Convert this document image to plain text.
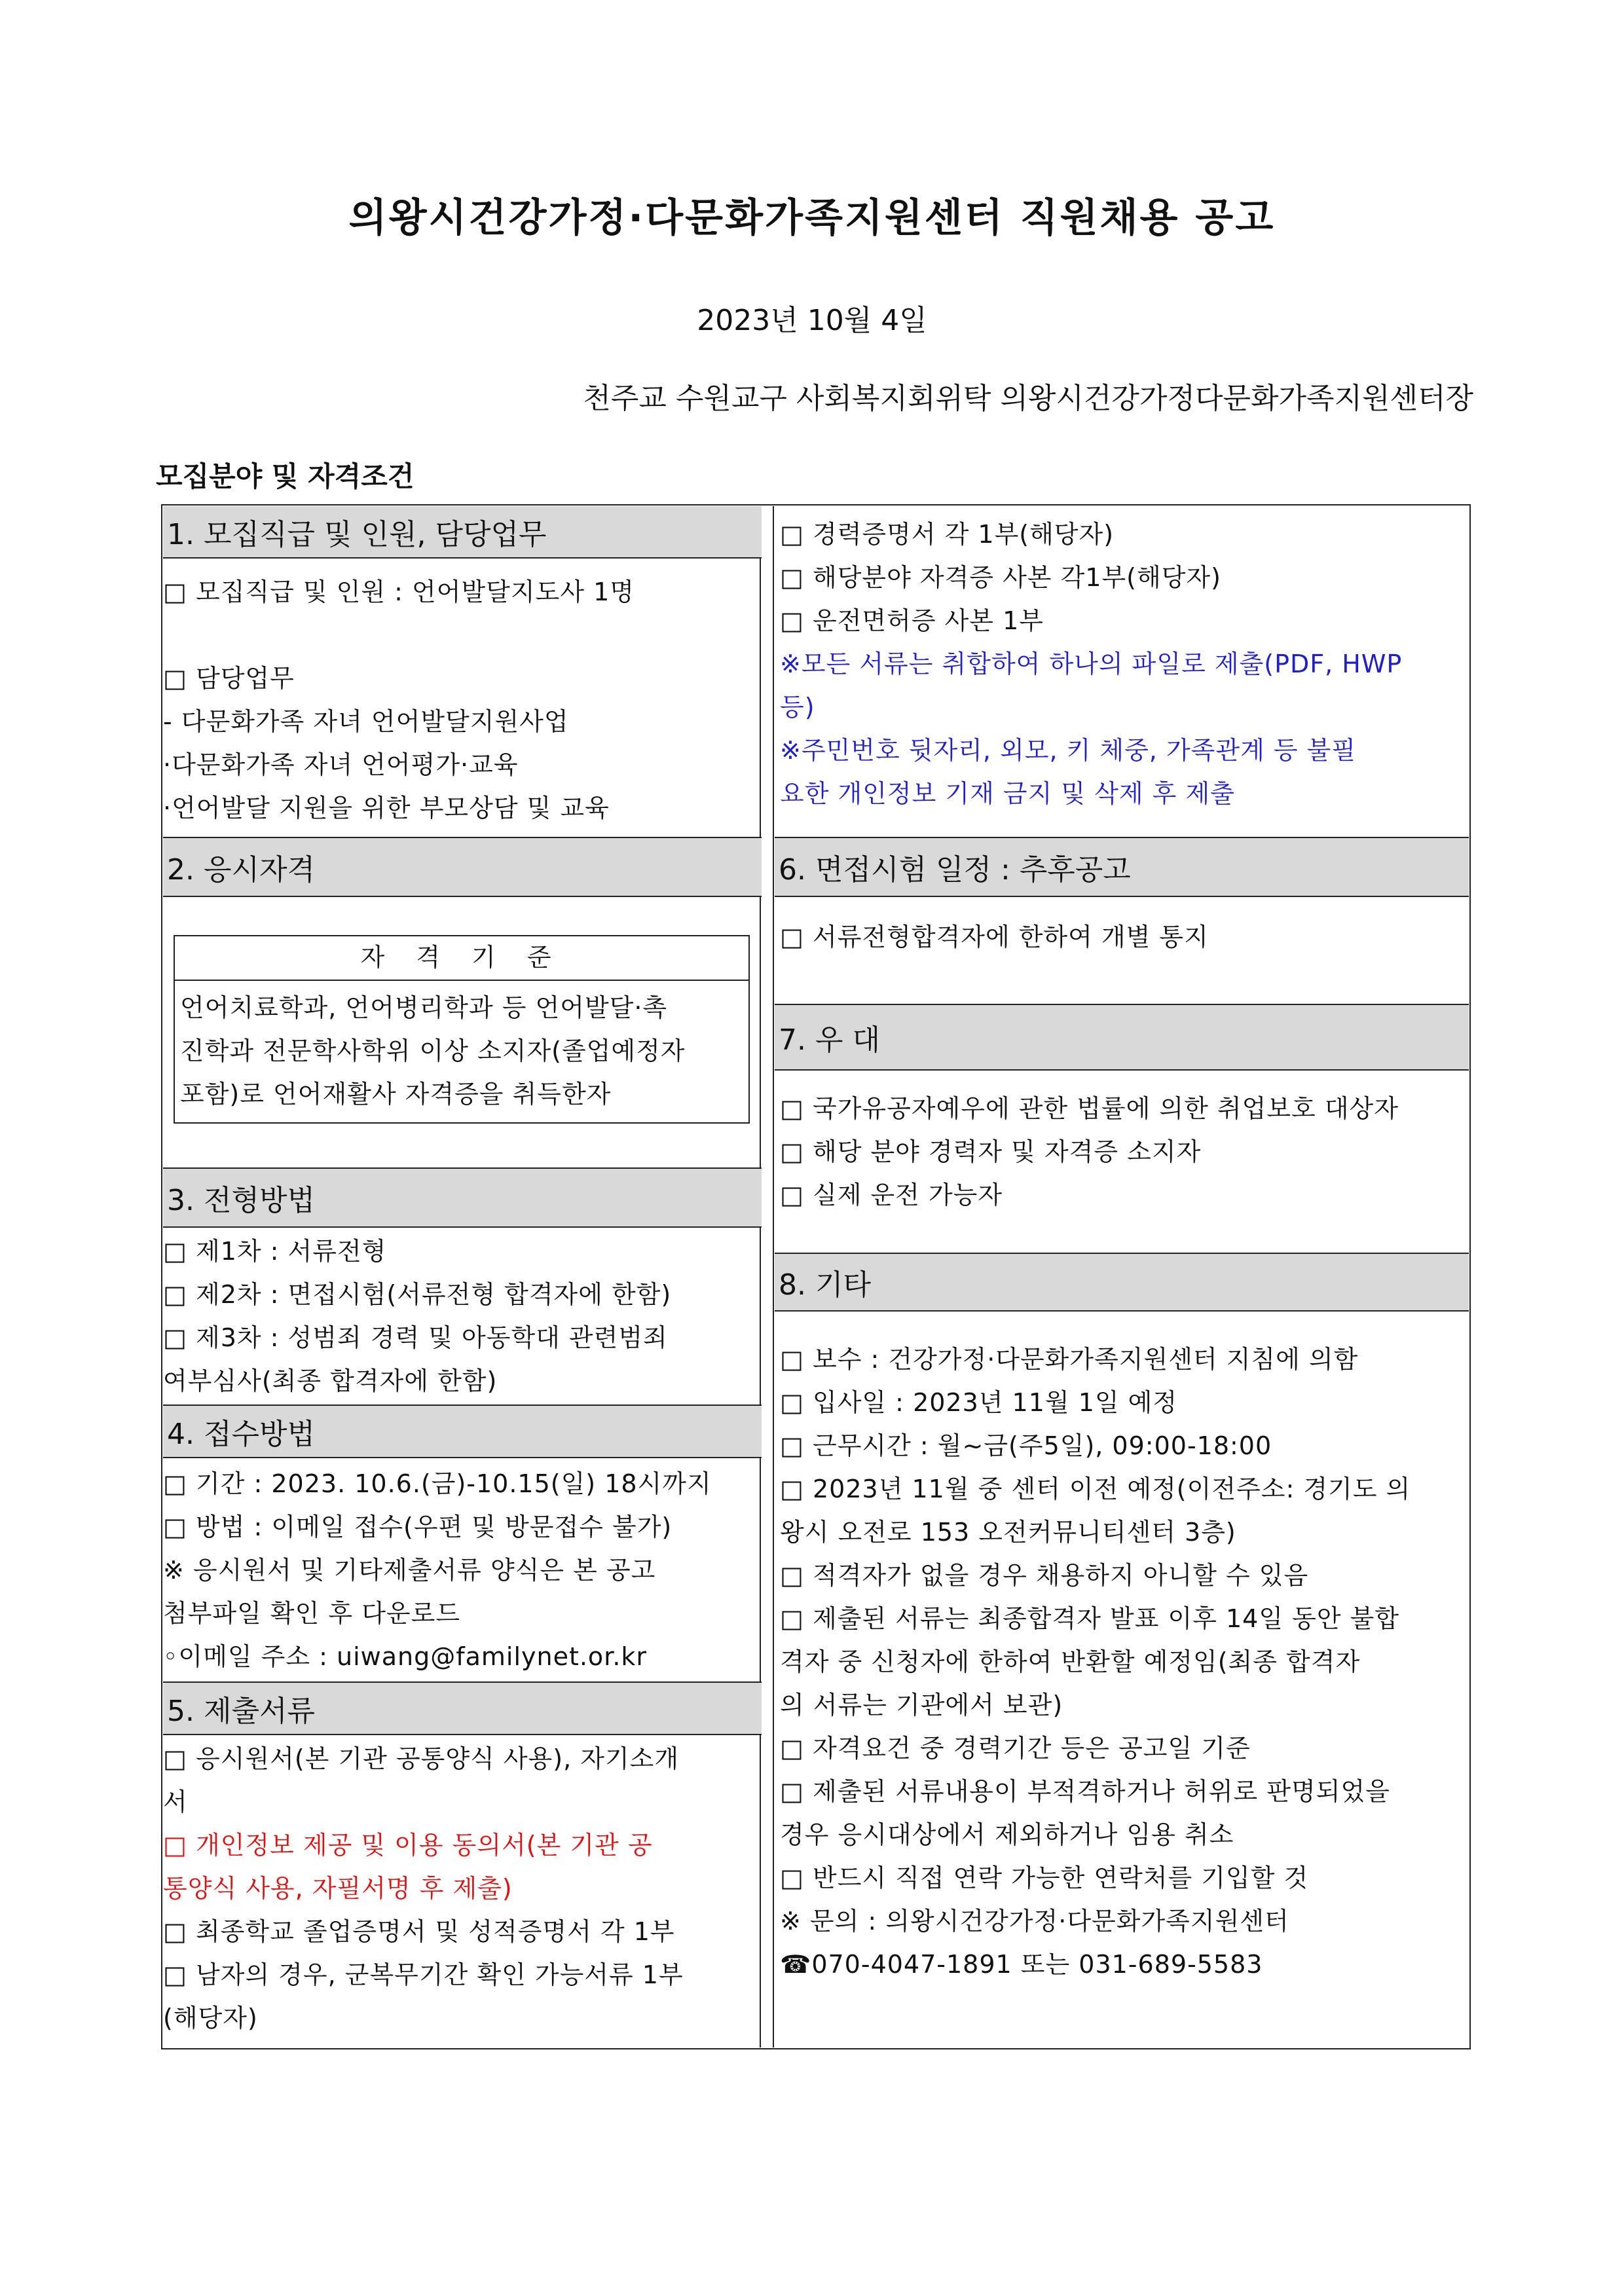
의왕시건강가정·다문화가족지원센터 직원채용 공고
2023년 10월 4일
천주교 수원교구 사회복지회위탁 의왕시건강가정다문화가족지원센터장
모집분야 및 자격조건
1. 모집직급 및 인원, 담당업무
□ 모집직급 및 인원 : 언어발달지도사 1명
□ 담당업무
- 다문화가족 자녀 언어발달지원사업
·다문화가족 자녀 언어평가·교육
·언어발달 지원을 위한 부모상담 및 교육
2. 응시자격
자 격 기 준
언어치료학과, 언어병리학과 등 언어발달·촉
진학과 전문학사학위 이상 소지자(졸업예정자
포함)로 언어재활사 자격증을 취득한자
3. 전형방법
□ 제1차 : 서류전형
□ 제2차 : 면접시험(서류전형 합격자에 한함)
□ 제3차 : 성범죄 경력 및 아동학대 관련범죄
여부심사(최종 합격자에 한함)
4. 접수방법
□ 기간 : 2023. 10.6.(금)-10.15(일) 18시까지
□ 방법 : 이메일 접수(우편 및 방문접수 불가)
※ 응시원서 및 기타제출서류 양식은 본 공고
첨부파일 확인 후 다운로드
◦이메일 주소 : uiwang@familynet.or.kr
5. 제출서류
□ 응시원서(본 기관 공통양식 사용), 자기소개
서
□ 개인정보 제공 및 이용 동의서(본 기관 공
통양식 사용, 자필서명 후 제출)
□ 최종학교 졸업증명서 및 성적증명서 각 1부
□ 남자의 경우, 군복무기간 확인 가능서류 1부
(해당자)
□ 경력증명서 각 1부(해당자)
□ 해당분야 자격증 사본 각1부(해당자)
□ 운전면허증 사본 1부
※모든 서류는 취합하여 하나의 파일로 제출(PDF, HWP
등)
※주민번호 뒷자리, 외모, 키 체중, 가족관계 등 불필
요한 개인정보 기재 금지 및 삭제 후 제출
6. 면접시험 일정 : 추후공고
□ 서류전형합격자에 한하여 개별 통지
7. 우 대
□ 국가유공자예우에 관한 법률에 의한 취업보호 대상자
□ 해당 분야 경력자 및 자격증 소지자
□ 실제 운전 가능자
8. 기타
□ 보수 : 건강가정·다문화가족지원센터 지침에 의함
□ 입사일 : 2023년 11월 1일 예정
□ 근무시간 : 월~금(주5일), 09:00-18:00
□ 2023년 11월 중 센터 이전 예정(이전주소: 경기도 의
왕시 오전로 153 오전커뮤니티센터 3층)
□ 적격자가 없을 경우 채용하지 아니할 수 있음
□ 제출된 서류는 최종합격자 발표 이후 14일 동안 불합
격자 중 신청자에 한하여 반환할 예정임(최종 합격자
의 서류는 기관에서 보관)
□ 자격요건 중 경력기간 등은 공고일 기준
□ 제출된 서류내용이 부적격하거나 허위로 판명되었을
경우 응시대상에서 제외하거나 임용 취소
□ 반드시 직접 연락 가능한 연락처를 기입할 것
※ 문의 : 의왕시건강가정·다문화가족지원센터
☎070-4047-1891 또는 031-689-5583
